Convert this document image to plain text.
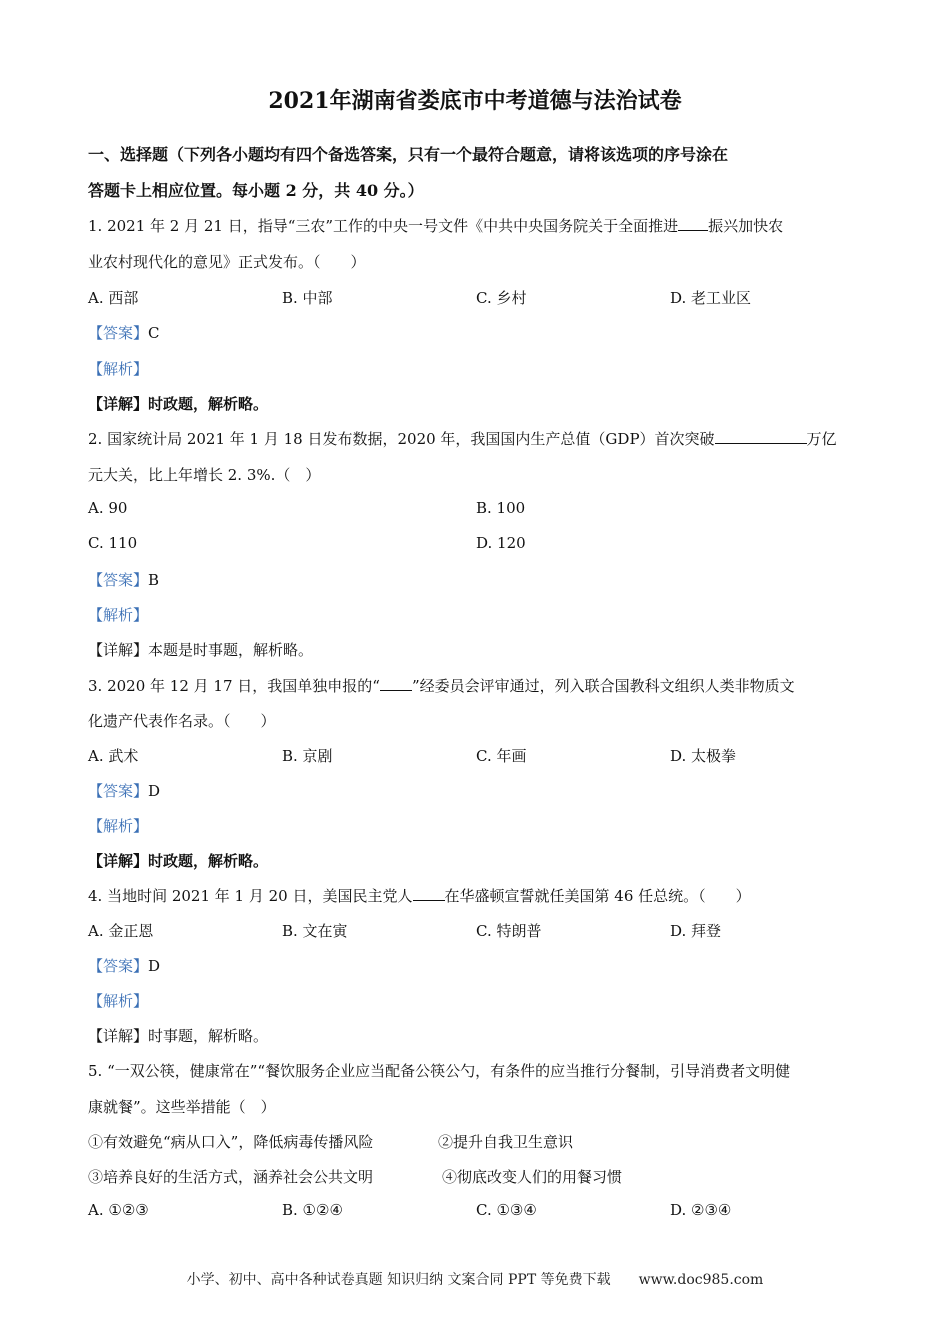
2021年湖南省娄底市中考道德与法治试卷
一、选择题（下列各小题均有四个备选答案，只有一个最符合题意，请将该选项的序号涂在
答题卡上相应位置。每小题 2 分，共 40 分。）
1. 2021 年 2 月 21 日，指导“三农”工作的中央一号文件《中共中央国务院关于全面推进 振兴加快农
业农村现代化的意见》正式发布。（　　）
A. 西部	B. 中部	C. 乡村	D. 老工业区
【答案】C
【解析】
【详解】时政题，解析略。
2. 国家统计局 2021 年 1 月 18 日发布数据，2020 年，我国国内生产总值（GDP）首次突破	万亿
元大关，比上年增长 2. 3%.（　）
A. 90	B. 100
C. 110	D. 120
【答案】B
【解析】
【详解】本题是时事题，解析略。
3. 2020 年 12 月 17 日，我国单独申报的“ ”经委员会评审通过，列入联合国教科文组织人类非物质文
化遗产代表作名录。（　　）
A. 武术	B. 京剧	C. 年画	D. 太极拳
【答案】D
【解析】
【详解】时政题，解析略。
4. 当地时间 2021 年 1 月 20 日，美国民主党人 在华盛顿宣誓就任美国第 46 任总统。（　　）
A. 金正恩	B. 文在寅	C. 特朗普	D. 拜登
【答案】D
【解析】
【详解】时事题，解析略。
5. “一双公筷，健康常在”“餐饮服务企业应当配备公筷公勺，有条件的应当推行分餐制，引导消费者文明健
康就餐”。这些举措能（　）
①有效避免“病从口入”，降低病毒传播风险	②提升自我卫生意识
③培养良好的生活方式，涵养社会公共文明	④彻底改变人们的用餐习惯
A. ①②③	B. ①②④	C. ①③④	D. ②③④
小学、初中、高中各种试卷真题 知识归纳 文案合同 PPT 等免费下载　　www.doc985.com
